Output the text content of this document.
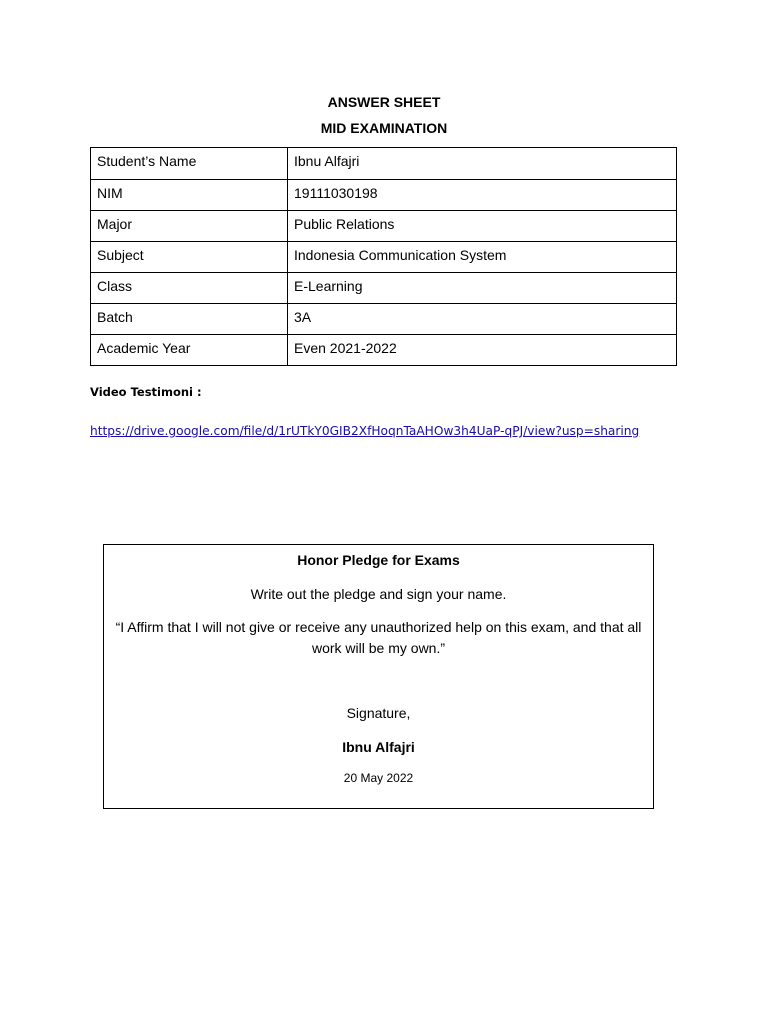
ANSWER SHEET
MID EXAMINATION
Student’s Name	Ibnu Alfajri
NIM	19111030198
Major	Public Relations
Subject	Indonesia Communication System
Class	E-Learning
Batch	3A
Academic Year	Even 2021-2022
Video Testimoni :
https://drive.google.com/file/d/1rUTkY0GIB2XfHoqnTaAHOw3h4UaP-qPJ/view?usp=sharing
Honor Pledge for Exams
Write out the pledge and sign your name.
“I Affirm that I will not give or receive any unauthorized help on this exam, and that all work will be my own.”
Signature,
Ibnu Alfajri
20 May 2022
